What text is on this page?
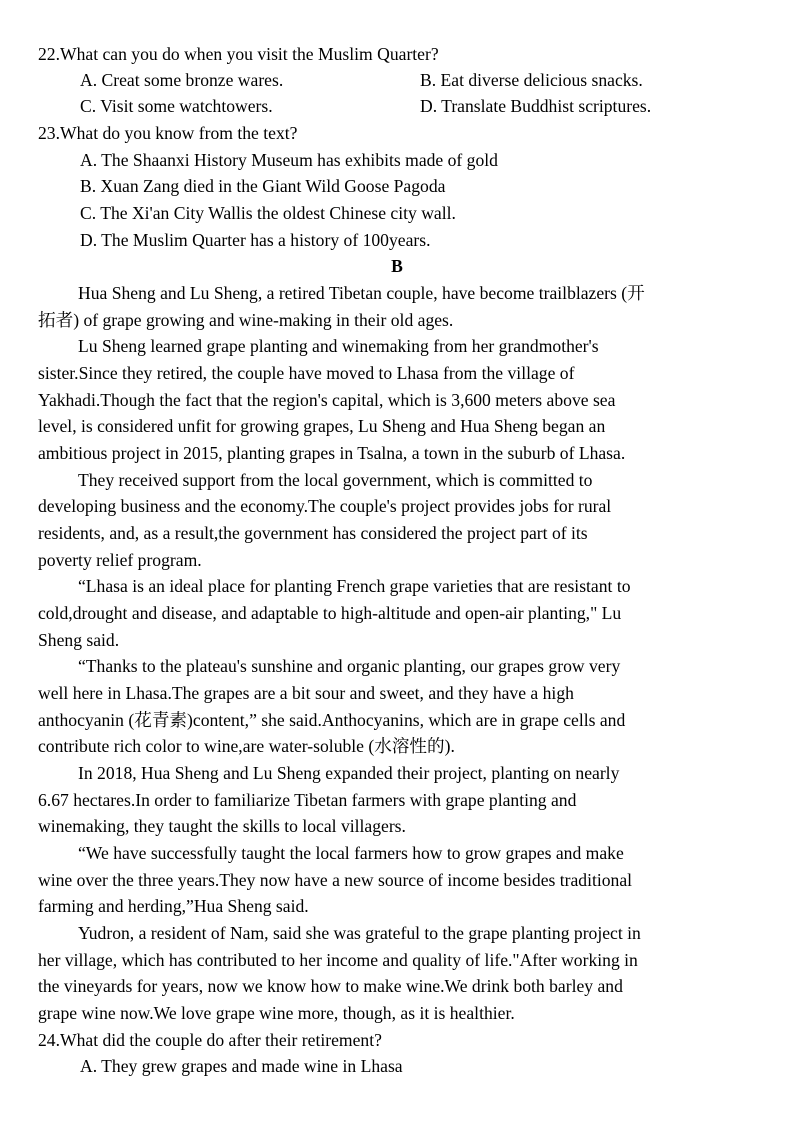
22.What can you do when you visit the Muslim Quarter?
A. Creat some bronze wares.	B. Eat diverse delicious snacks.
C. Visit some watchtowers.	D. Translate Buddhist scriptures.
23.What do you know from the text?
A. The Shaanxi History Museum has exhibits made of gold
B. Xuan Zang died in the Giant Wild Goose Pagoda
C. The Xi'an City Wallis the oldest Chinese city wall.
D. The Muslim Quarter has a history of 100years.
B
Hua Sheng and Lu Sheng, a retired Tibetan couple, have become trailblazers (开
拓者) of grape growing and wine-making in their old ages.
Lu Sheng learned grape planting and winemaking from her grandmother's
sister.Since they retired, the couple have moved to Lhasa from the village of
Yakhadi.Though the fact that the region's capital, which is 3,600 meters above sea
level, is considered unfit for growing grapes, Lu Sheng and Hua Sheng began an
ambitious project in 2015, planting grapes in Tsalna, a town in the suburb of Lhasa.
They received support from the local government, which is committed to
developing business and the economy.The couple's project provides jobs for rural
residents, and, as a result,the government has considered the project part of its
poverty relief program.
“Lhasa is an ideal place for planting French grape varieties that are resistant to
cold,drought and disease, and adaptable to high-altitude and open-air planting," Lu
Sheng said.
“Thanks to the plateau's sunshine and organic planting, our grapes grow very
well here in Lhasa.The grapes are a bit sour and sweet, and they have a high
anthocyanin (花青素)content,” she said.Anthocyanins, which are in grape cells and
contribute rich color to wine,are water-soluble (水溶性的).
In 2018, Hua Sheng and Lu Sheng expanded their project, planting on nearly
6.67 hectares.In order to familiarize Tibetan farmers with grape planting and
winemaking, they taught the skills to local villagers.
“We have successfully taught the local farmers how to grow grapes and make
wine over the three years.They now have a new source of income besides traditional
farming and herding,”Hua Sheng said.
Yudron, a resident of Nam, said she was grateful to the grape planting project in
her village, which has contributed to her income and quality of life."After working in
the vineyards for years, now we know how to make wine.We drink both barley and
grape wine now.We love grape wine more, though, as it is healthier.
24.What did the couple do after their retirement?
A. They grew grapes and made wine in Lhasa
